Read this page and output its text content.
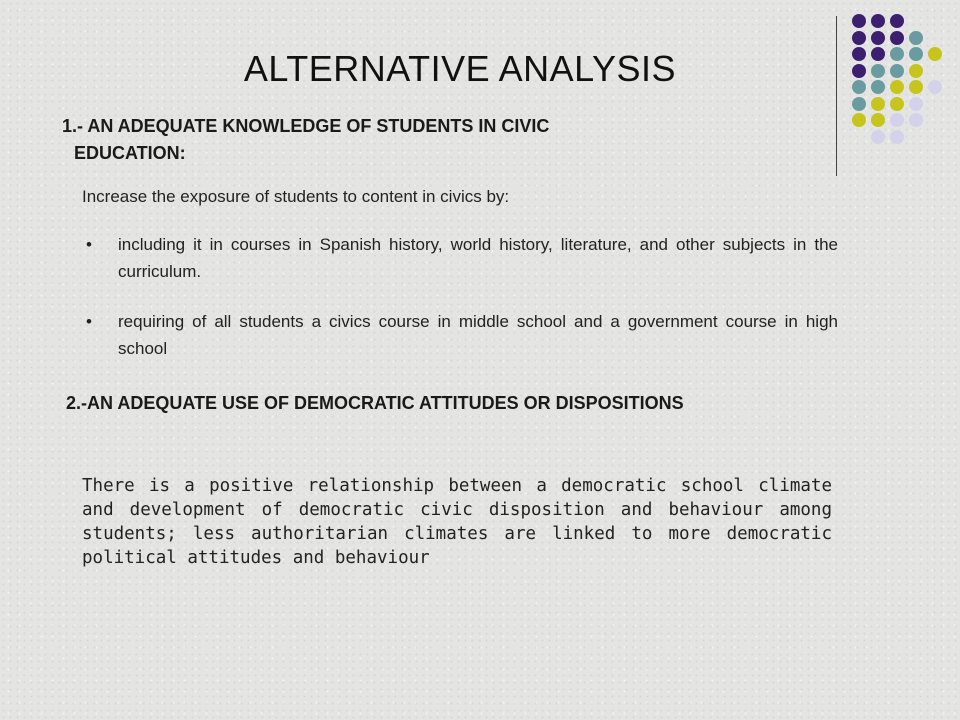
ALTERNATIVE ANALYSIS
1.- AN ADEQUATE KNOWLEDGE OF STUDENTS IN CIVIC
EDUCATION:
Increase the exposure of students to content in civics by:
• including it in courses in Spanish history, world history, literature, and other subjects in the curriculum.
• requiring of all students a civics course in middle school and a government course in high school
2.-AN ADEQUATE USE OF DEMOCRATIC ATTITUDES OR DISPOSITIONS
There is a positive relationship between a democratic school climate and development of democratic civic disposition and behaviour among students; less authoritarian climates are linked to more democratic political attitudes and behaviour
